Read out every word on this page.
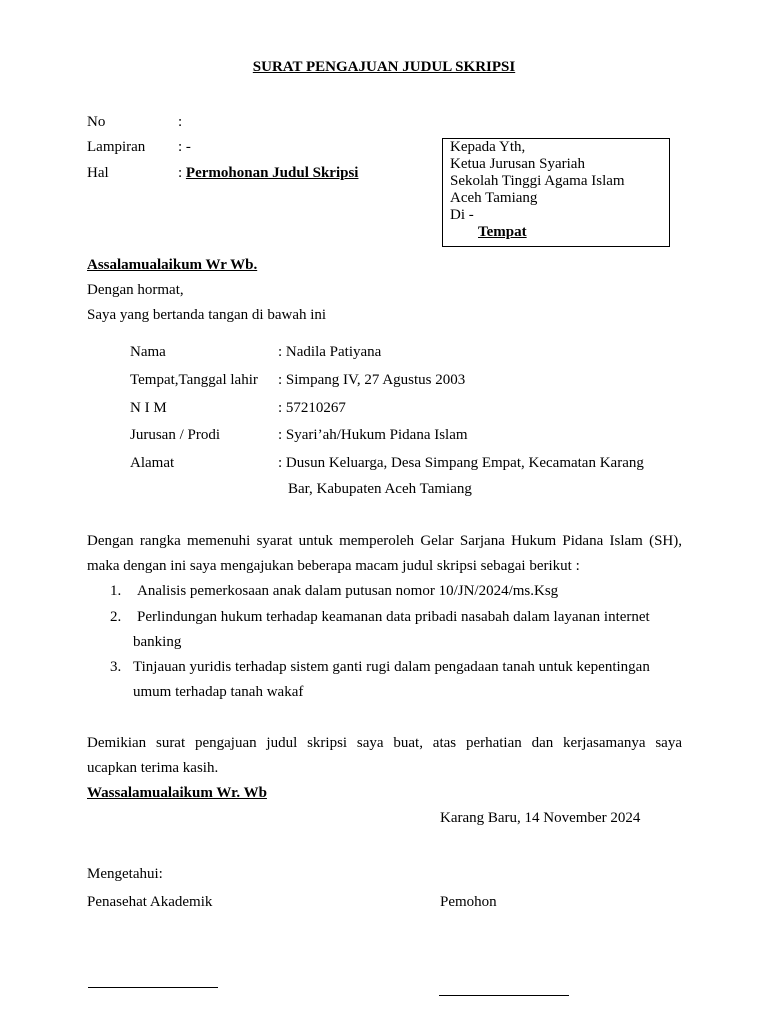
SURAT PENGAJUAN JUDUL SKRIPSI
No	:
Lampiran : -
Hal	: Permohonan Judul Skripsi
Kepada Yth,
Ketua Jurusan Syariah
Sekolah Tinggi Agama Islam
Aceh Tamiang
Di -
Tempat
Assalamualaikum Wr Wb.
Dengan hormat,
Saya yang bertanda tangan di bawah ini
Nama	: Nadila Patiyana
Tempat,Tanggal lahir : Simpang IV, 27 Agustus 2003
N I M	: 57210267
Jurusan / Prodi	: Syari’ah/Hukum Pidana Islam
Alamat	: Dusun Keluarga, Desa Simpang Empat, Kecamatan Karang
Bar, Kabupaten Aceh Tamiang
Dengan rangka memenuhi syarat untuk memperoleh Gelar Sarjana Hukum Pidana Islam (SH),
maka dengan ini saya mengajukan beberapa macam judul skripsi sebagai berikut :
1. Analisis pemerkosaan anak dalam putusan nomor 10/JN/2024/ms.Ksg
2. Perlindungan hukum terhadap keamanan data pribadi nasabah dalam layanan internet
banking
3. Tinjauan yuridis terhadap sistem ganti rugi dalam pengadaan tanah untuk kepentingan
umum terhadap tanah wakaf
Demikian surat pengajuan judul skripsi saya buat, atas perhatian dan kerjasamanya saya
ucapkan terima kasih.
Wassalamualaikum Wr. Wb
Karang Baru, 14 November 2024
Mengetahui:
Penasehat Akademik	Pemohon
